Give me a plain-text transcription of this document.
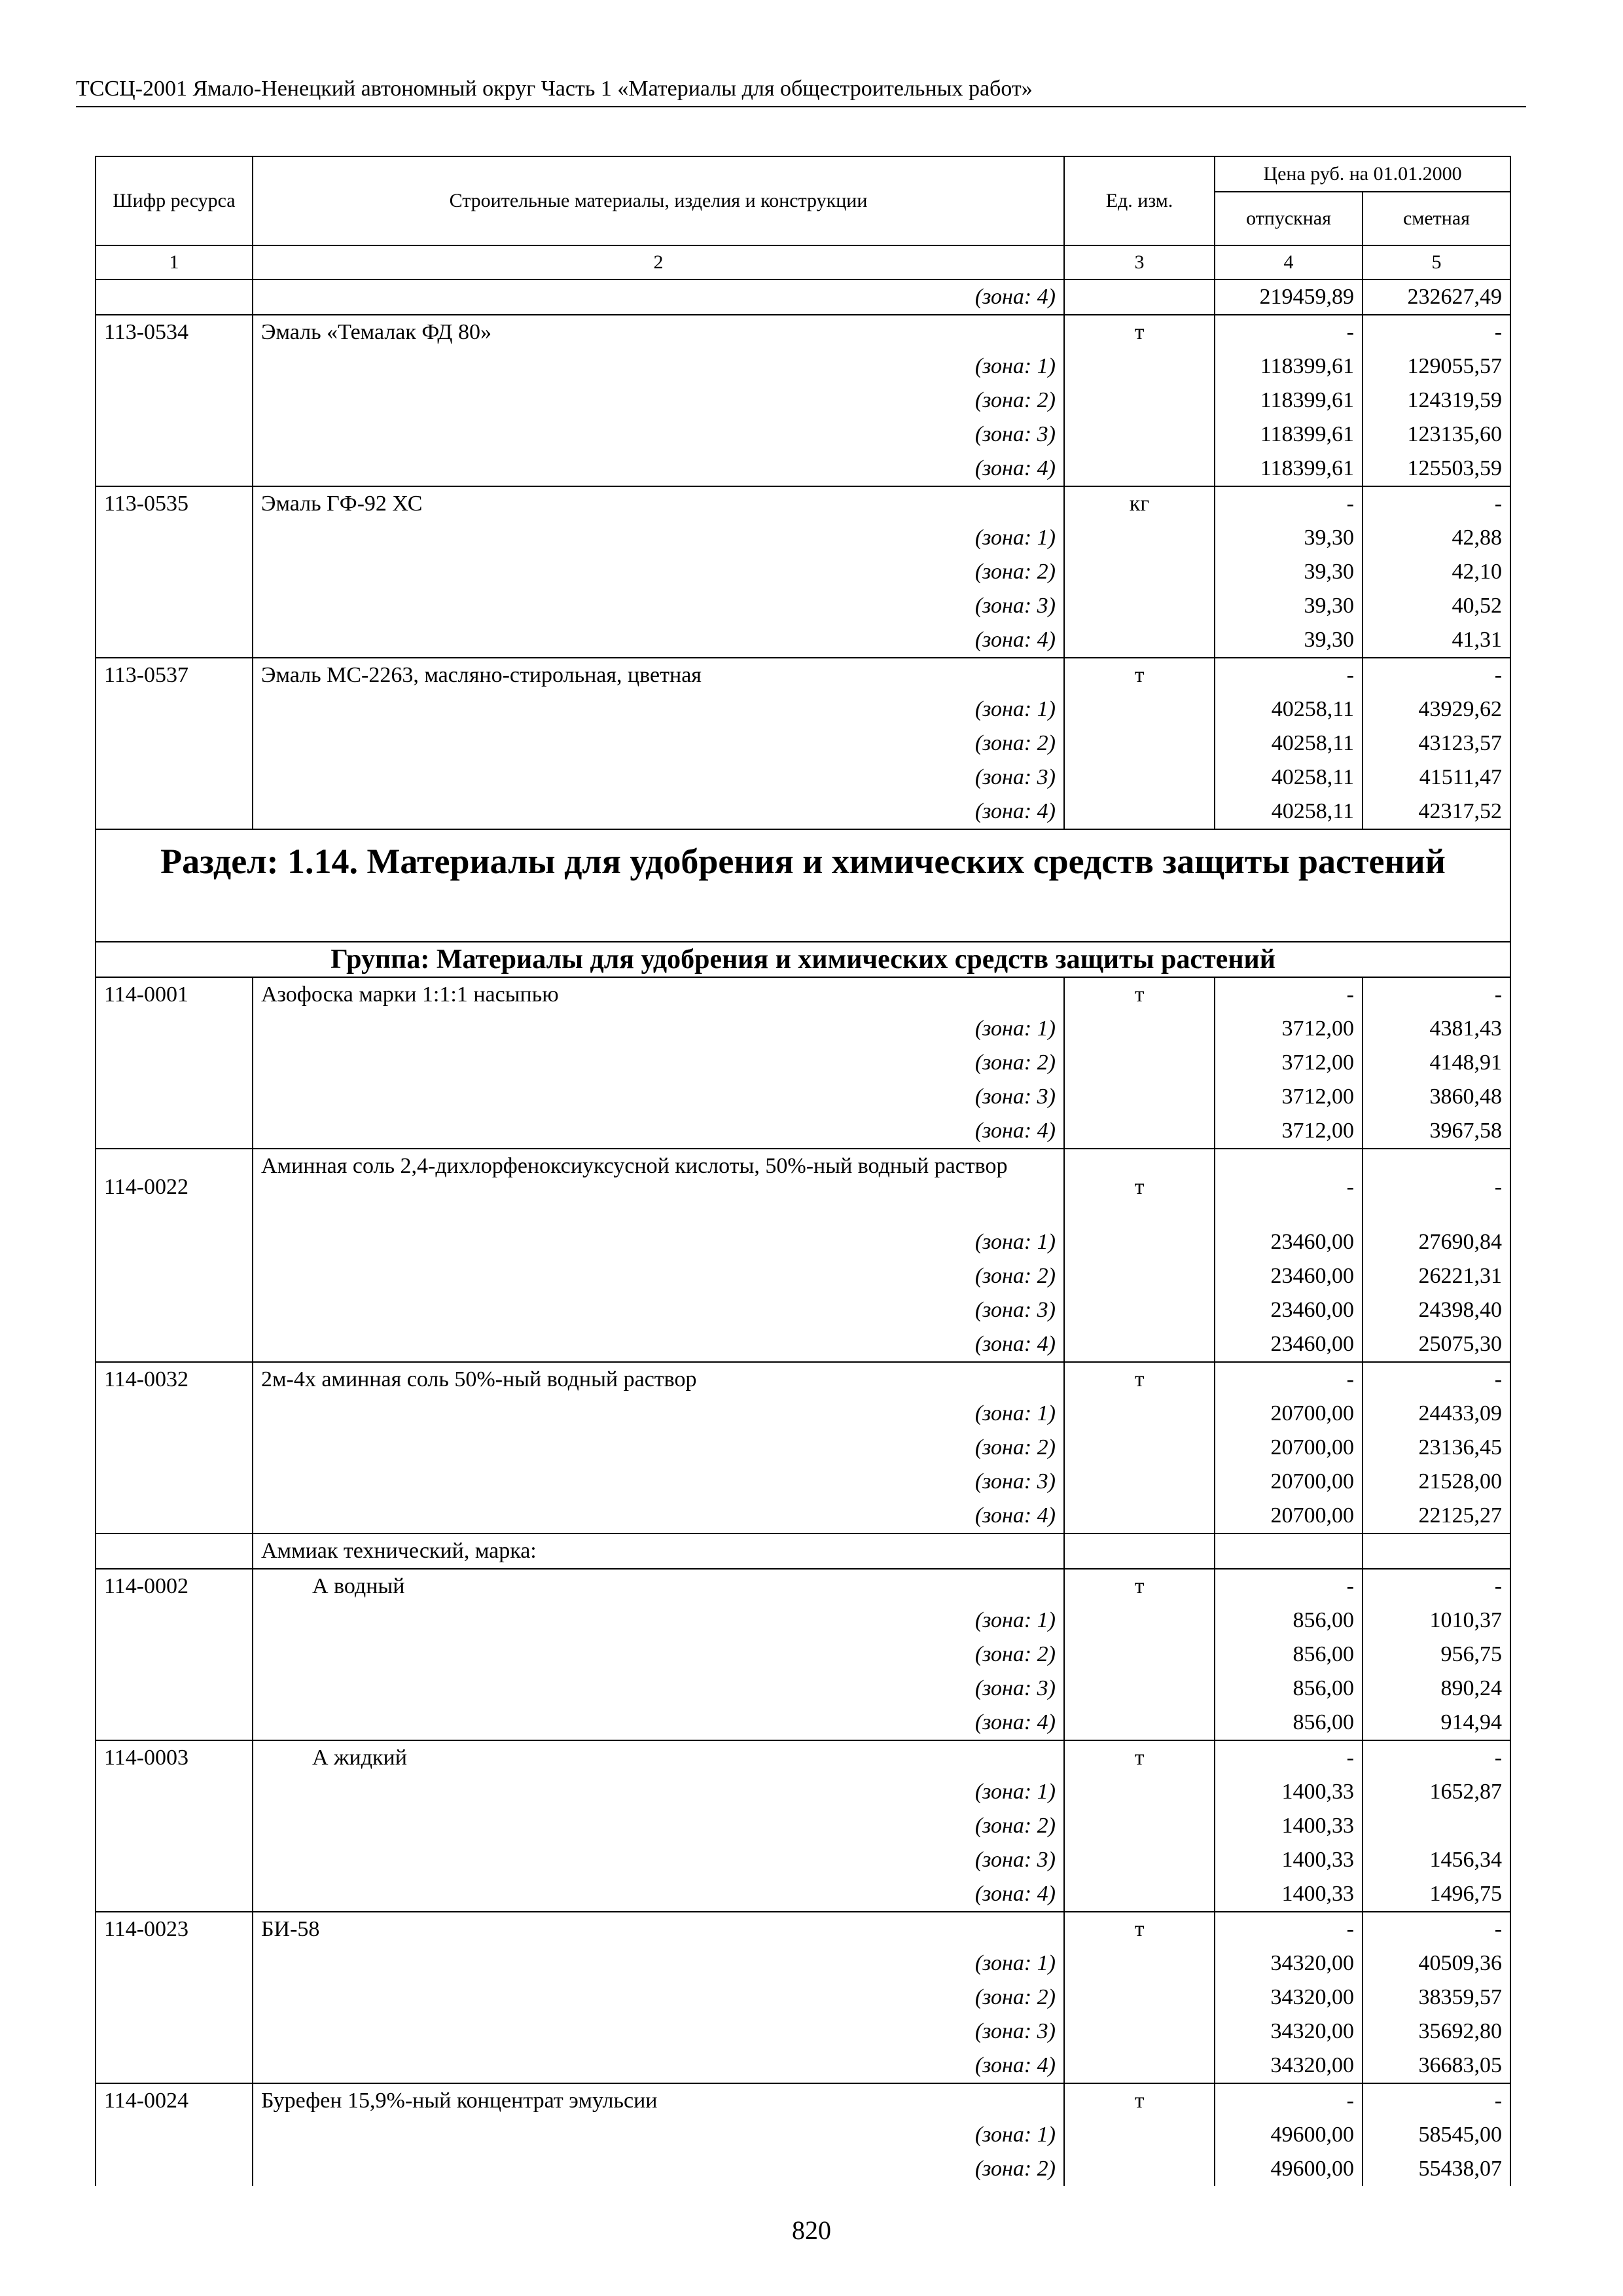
ТССЦ-2001 Ямало-Ненецкий автономный округ Часть 1 «Материалы для общестроительных работ»
Шифр ресурса	Строительные материалы, изделия и конструкции	Ед. изм.	Цена руб. на 01.01.2000	
			отпускная	сметная
1	2	3	4	5
	(зона: 4)		219459,89	232627,49
113-0534	Эмаль «Темалак ФД 80»	т	-	-
	(зона: 1)		118399,61	129055,57
	(зона: 2)		118399,61	124319,59
	(зона: 3)		118399,61	123135,60
	(зона: 4)		118399,61	125503,59
113-0535	Эмаль ГФ-92 ХС	кг	-	-
	(зона: 1)		39,30	42,88
	(зона: 2)		39,30	42,10
	(зона: 3)		39,30	40,52
	(зона: 4)		39,30	41,31
113-0537	Эмаль МС-2263, масляно-стирольная, цветная	т	-	-
	(зона: 1)		40258,11	43929,62
	(зона: 2)		40258,11	43123,57
	(зона: 3)		40258,11	41511,47
	(зона: 4)		40258,11	42317,52
Раздел: 1.14. Материалы для удобрения и химических средств защиты растений				
Группа: Материалы для удобрения и химических средств защиты растений				
114-0001	Азофоска марки 1:1:1 насыпью	т	-	-
	(зона: 1)		3712,00	4381,43
	(зона: 2)		3712,00	4148,91
	(зона: 3)		3712,00	3860,48
	(зона: 4)		3712,00	3967,58
114-0022	Аминная соль 2,4-дихлорфеноксиуксусной кислоты, 50%-ный водный раствор	т	-	-
	(зона: 1)		23460,00	27690,84
	(зона: 2)		23460,00	26221,31
	(зона: 3)		23460,00	24398,40
	(зона: 4)		23460,00	25075,30
114-0032	2м-4х аминная соль 50%-ный водный раствор	т	-	-
	(зона: 1)		20700,00	24433,09
	(зона: 2)		20700,00	23136,45
	(зона: 3)		20700,00	21528,00
	(зона: 4)		20700,00	22125,27
	Аммиак технический, марка:			
114-0002	А водный	т	-	-
	(зона: 1)		856,00	1010,37
	(зона: 2)		856,00	956,75
	(зона: 3)		856,00	890,24
	(зона: 4)		856,00	914,94
114-0003	А жидкий	т	-	-
	(зона: 1)		1400,33	1652,87
	(зона: 2)		1400,33	
	(зона: 3)		1400,33	1456,34
	(зона: 4)		1400,33	1496,75
114-0023	БИ-58	т	-	-
	(зона: 1)		34320,00	40509,36
	(зона: 2)		34320,00	38359,57
	(зона: 3)		34320,00	35692,80
	(зона: 4)		34320,00	36683,05
114-0024	Бурефен 15,9%-ный концентрат эмульсии	т	-	-
	(зона: 1)		49600,00	58545,00
	(зона: 2)		49600,00	55438,07
820
